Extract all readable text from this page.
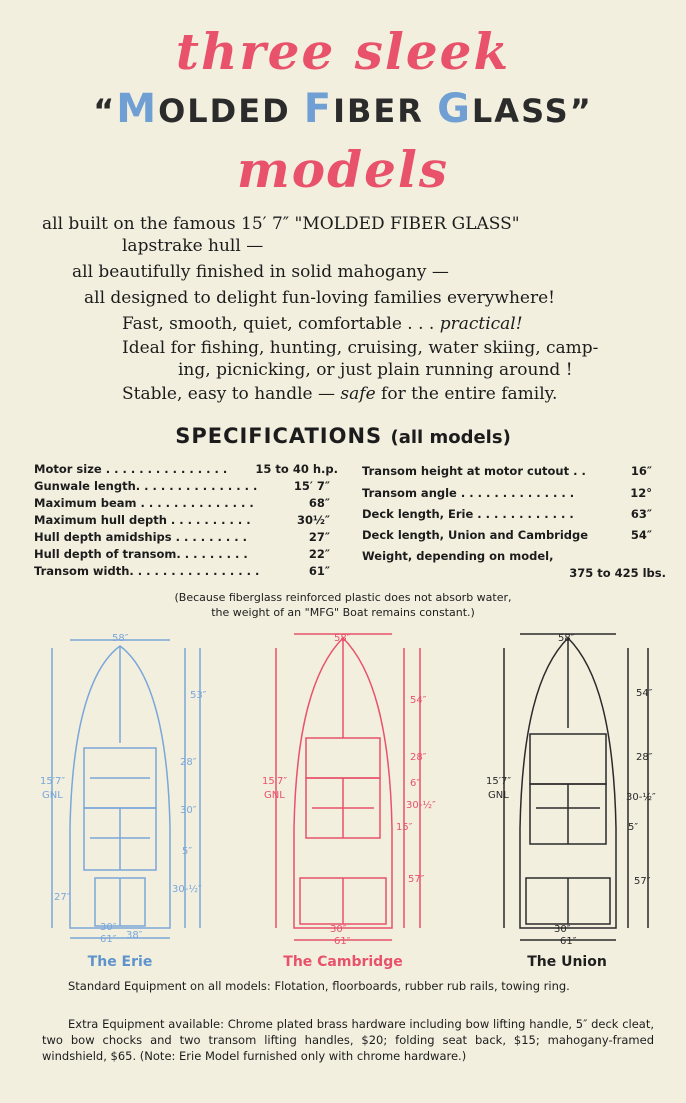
three sleek
“MOLDED FIBER GLASS”
models
all built on the famous 15′ 7″ "MOLDED FIBER GLASS"
lapstrake hull —
all beautifully finished in solid mahogany —
all designed to delight fun-loving families everywhere!
Fast, smooth, quiet, comfortable . . . practical!
Ideal for fishing, hunting, cruising, water skiing, camp-
ing, picnicking, or just plain running around !
Stable, easy to handle — safe for the entire family.
SPECIFICATIONS (all models)
Motor size . . . . . . . . . . . . . . . 15 to 40 h.p.
Gunwale length. . . . . . . . . . . . . . .	15′ 7″
Maximum beam . . . . . . . . . . . . . .	68″
Maximum hull depth . . . . . . . . . .	30½″
Hull depth amidships . . . . . . . . .	27″
Hull depth of transom. . . . . . . . .	22″
Transom width. . . . . . . . . . . . . . . .	61″
Transom height at motor cutout . .	16″
Transom angle . . . . . . . . . . . . . .	12°
Deck length, Erie . . . . . . . . . . . .	63″
Deck length, Union and Cambridge	54″
Weight, depending on model,
375 to 425 lbs.
(Because fiberglass reinforced plastic does not absorb water,
the weight of an "MFG" Boat remains constant.)
58″
53″
28″
30″
5″
30-½″
15′7″
GNL
27″
30″
38″
61″
58″
54″
28″
6″
30-½″
15″
57″
15′7″
GNL
30″
61″
58″
54″
28″
30-½″
5″
57″
15′7″
GNL
30″
61″
The Erie	The Cambridge	The Union
Standard Equipment on all models: Flotation, floorboards, rubber rub rails, towing ring.
Extra Equipment available: Chrome plated brass hardware including bow lifting handle, 5″ deck cleat, two bow chocks and two transom lifting handles, $20; folding seat back, $15; mahogany-framed windshield, $65. (Note: Erie Model furnished only with chrome hardware.)
